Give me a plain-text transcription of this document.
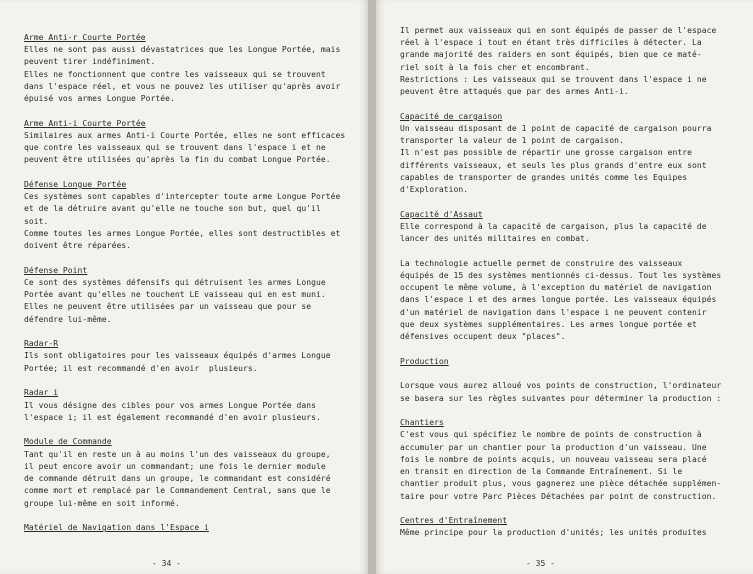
Arme Anti-r Courte Portée
Elles ne sont pas aussi dévastatrices que les Longue Portée, mais
peuvent tirer indéfiniment.
Elles ne fonctionnent que contre les vaisseaux qui se trouvent
dans l'espace réel, et vous ne pouvez les utiliser qu'après avoir
épuisé vos armes Longue Portée.
Arme Anti-i Courte Portée
Similaires aux armes Anti-i Courte Portée, elles ne sont efficaces
que contre les vaisseaux qui se trouvent dans l'espace i et ne
peuvent être utilisées qu'après la fin du combat Longue Portée.
Défense Longue Portée
Ces systèmes sont capables d'intercepter toute arme Longue Portée
et de la détruire avant qu'elle ne touche son but, quel qu'il
soit.
Comme toutes les armes Longue Portée, elles sont destructibles et
doivent être réparées.
Défense Point
Ce sont des systèmes défensifs qui détruisent les armes Longue
Portée avant qu'elles ne touchent LE vaisseau qui en est muni.
Elles ne peuvent être utilisées par un vaisseau que pour se
défendre lui-même.
Radar-R
Ils sont obligatoires pour les vaisseaux équipés d'armes Longue
Portée; il est recommandé d'en avoir  plusieurs.
Radar i
Il vous désigne des cibles pour vos armes Longue Portée dans
l'espace i; il est également recommandé d'en avoir plusieurs.
Module de Commande
Tant qu'il en reste un à au moins l'un des vaisseaux du groupe,
il peut encore avoir un commandant; une fois le dernier module
de commande détruit dans un groupe, le commandant est considéré
comme mort et remplacé par le Commandement Central, sans que le
groupe lui-même en soit informé.
Matériel de Navigation dans l'Espace i
- 34 -
Il permet aux vaisseaux qui en sont équipés de passer de l'espace
réel à l'espace i tout en étant très difficiles à détecter. La
grande majorité des raiders en sont équipés, bien que ce maté-
riel soit à la fois cher et encombrant.
Restrictions : Les vaisseaux qui se trouvent dans l'espace i ne
peuvent être attaqués que par des armes Anti-i.
Capacité de cargaison
Un vaisseau disposant de 1 point de capacité de cargaison pourra
transporter la valeur de 1 point de cargaison.
Il n'est pas possible de répartir une grosse cargaison entre
différents vaisseaux, et seuls les plus grands d'entre eux sont
capables de transporter de grandes unités comme les Equipes
d'Exploration.
Capacité d'Assaut
Elle correspond à la capacité de cargaison, plus la capacité de
lancer des unités militaires en combat.
La technologie actuelle permet de construire des vaisseaux
équipés de 15 des systèmes mentionnés ci-dessus. Tout les systèmes
occupent le même volume, à l'exception du matériel de navigation
dans l'espace i et des armes longue portée. Les vaisseaux équipés
d'un matériel de navigation dans l'espace i ne peuvent contenir
que deux systèmes supplémentaires. Les armes longue portée et
défensives occupent deux "places".
Production
Lorsque vous aurez alloué vos points de construction, l'ordinateur
se basera sur les règles suivantes pour déterminer la production :
Chantiers
C'est vous qui spécifiez le nombre de points de construction à
accumuler par un chantier pour la production d'un vaisseau. Une
fois le nombre de points acquis, un nouveau vaisseau sera placé
en transit en direction de la Commande Entraînement. Si le
chantier produit plus, vous gagnerez une pièce détachée supplémen-
taire pour votre Parc Pièces Détachées par point de construction.
Centres d'Entraînement
Même principe pour la production d'unités; les unités produites
- 35 -
